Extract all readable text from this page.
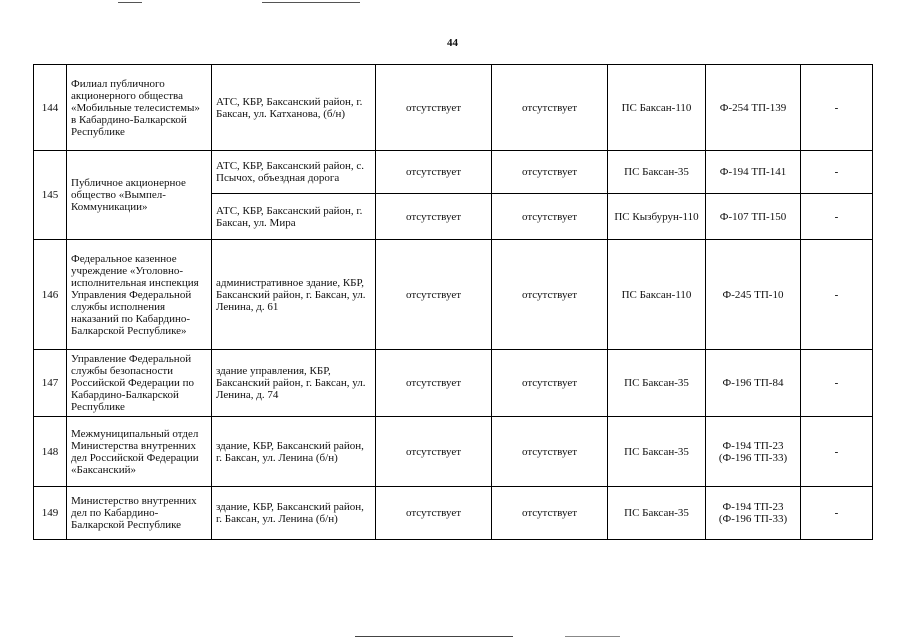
44
144	Филиал публичного акционерного общества «Мобильные телесистемы» в Кабардино-Балкарской Республике	АТС, КБР, Баксанский район, г. Баксан, ул. Катханова, (б/н)	отсутствует	отсутствует	ПС Баксан-110	Ф-254 ТП-139	-
145	Публичное акционерное общество «Вымпел-Коммуникации»	АТС, КБР, Баксанский район, с. Псычох, объездная дорога	отсутствует	отсутствует	ПС Баксан-35	Ф-194 ТП-141	-
		АТС, КБР, Баксанский район, г. Баксан, ул. Мира	отсутствует	отсутствует	ПС Кызбурун-110	Ф-107 ТП-150	-
146	Федеральное казенное учреждение «Уголовно-исполнительная инспекция Управления Федеральной службы исполнения наказаний по Кабардино-Балкарской Республике»	административное здание, КБР, Баксанский район, г. Баксан, ул. Ленина, д. 61	отсутствует	отсутствует	ПС Баксан-110	Ф-245 ТП-10	-
147	Управление Федеральной службы безопасности Российской Федерации по Кабардино-Балкарской Республике	здание управления, КБР, Баксанский район, г. Баксан, ул. Ленина, д. 74	отсутствует	отсутствует	ПС Баксан-35	Ф-196 ТП-84	-
148	Межмуниципальный отдел Министерства внутренних дел Российской Федерации «Баксанский»	здание, КБР, Баксанский район, г. Баксан, ул. Ленина (б/н)	отсутствует	отсутствует	ПС Баксан-35	Ф-194 ТП-23 (Ф-196 ТП-33)	-
149	Министерство внутренних дел по Кабардино-Балкарской Республике	здание, КБР, Баксанский район, г. Баксан, ул. Ленина (б/н)	отсутствует	отсутствует	ПС Баксан-35	Ф-194 ТП-23 (Ф-196 ТП-33)	-
